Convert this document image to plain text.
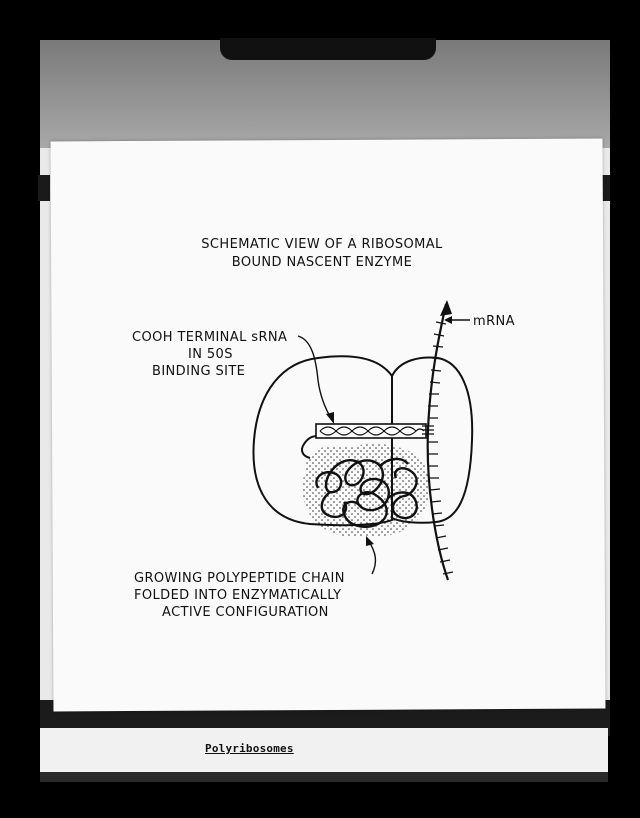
Polyribosomes
SCHEMATIC VIEW OF A RIBOSOMAL
BOUND NASCENT ENZYME
mRNA
COOH TERMINAL sRNA
IN 50S
BINDING SITE
GROWING POLYPEPTIDE CHAIN
FOLDED INTO ENZYMATICALLY
ACTIVE CONFIGURATION
